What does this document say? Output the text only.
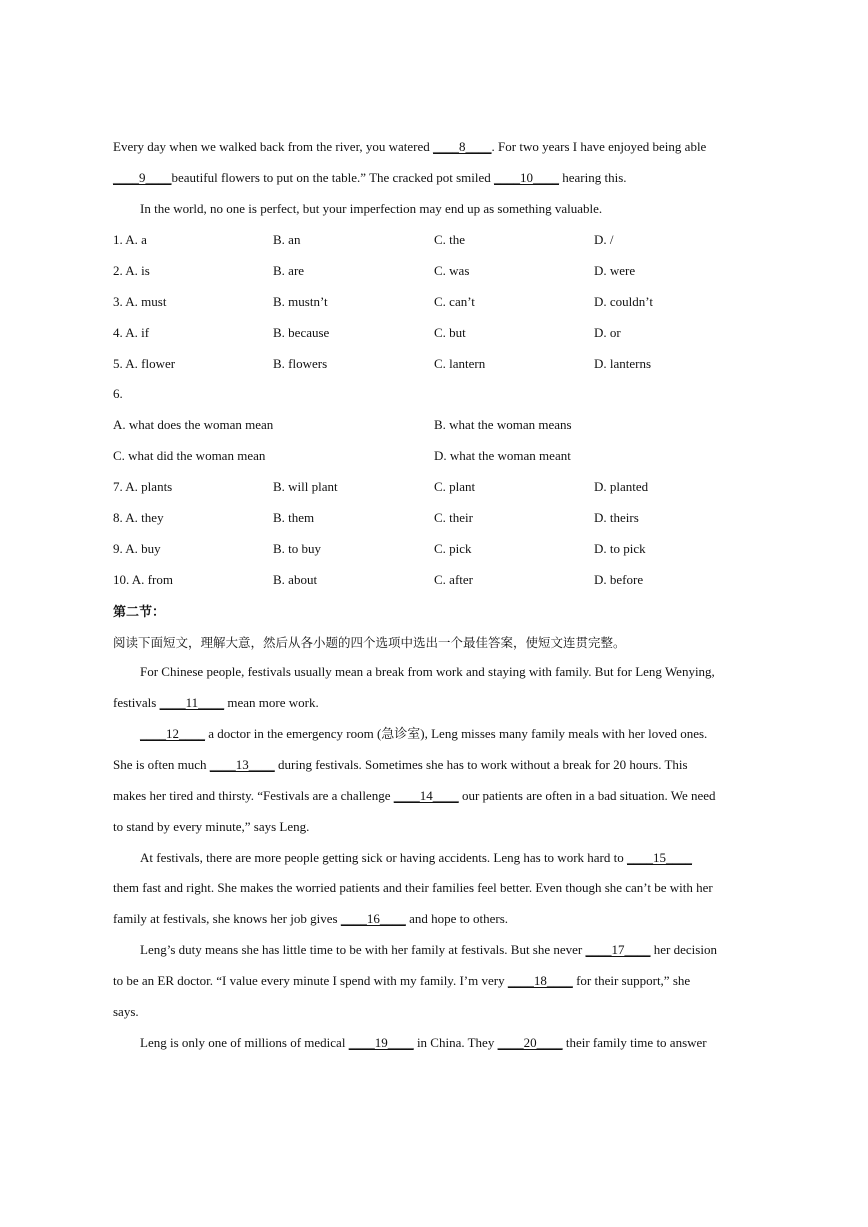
Every day when we walked back from the river, you watered ____8____. For two years I have enjoyed being able
____9____beautiful flowers to put on the table.” The cracked pot smiled ____10____ hearing this.
In the world, no one is perfect, but your imperfection may end up as something valuable.
1. A. a	B. an	C. the	D. /
2. A. is	B. are	C. was	D. were
3. A. must	B. mustn’t	C. can’t	D. couldn’t
4. A. if	B. because	C. but	D. or
5. A. flower	B. flowers	C. lantern	D. lanterns
6.
A. what does the woman mean	B. what the woman means
C. what did the woman mean	D. what the woman meant
7. A. plants	B. will plant	C. plant	D. planted
8. A. they	B. them	C. their	D. theirs
9. A. buy	B. to buy	C. pick	D. to pick
10. A. from	B. about	C. after	D. before
第二节：
阅读下面短文，理解大意，然后从各小题的四个选项中选出一个最佳答案，使短文连贯完整。
For Chinese people, festivals usually mean a break from work and staying with family. But for Leng Wenying,
festivals ____11____ mean more work.
____12____ a doctor in the emergency room (急诊室), Leng misses many family meals with her loved ones.
She is often much ____13____ during festivals. Sometimes she has to work without a break for 20 hours. This
makes her tired and thirsty. “Festivals are a challenge ____14____ our patients are often in a bad situation. We need
to stand by every minute,” says Leng.
At festivals, there are more people getting sick or having accidents. Leng has to work hard to ____15____
them fast and right. She makes the worried patients and their families feel better. Even though she can’t be with her
family at festivals, she knows her job gives ____16____ and hope to others.
Leng’s duty means she has little time to be with her family at festivals. But she never ____17____ her decision
to be an ER doctor. “I value every minute I spend with my family. I’m very ____18____ for their support,” she
says.
Leng is only one of millions of medical ____19____ in China. They ____20____ their family time to answer
